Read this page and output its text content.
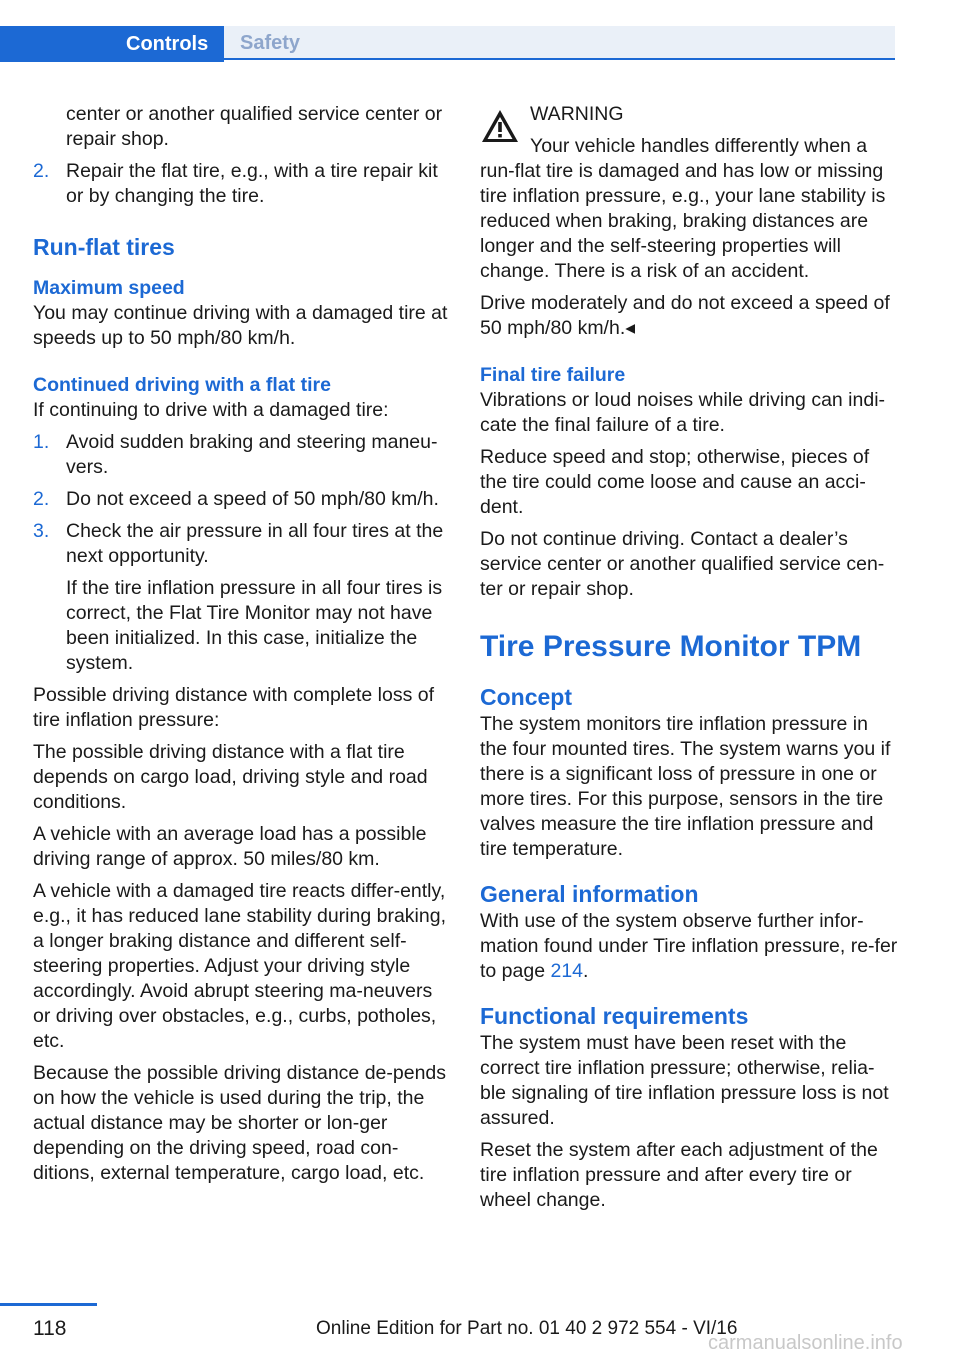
Controls	Safety

center or another qualified service center or repair shop.

2. Repair the flat tire, e.g., with a tire repair kit or by changing the tire.

Run-flat tires
Maximum speed

You may continue driving with a damaged tire at speeds up to 50 mph/80 km/h.

Continued driving with a flat tire

If continuing to drive with a damaged tire:

1. Avoid sudden braking and steering maneu-vers.

2. Do not exceed a speed of 50 mph/80 km/h.

3. Check the air pressure in all four tires at the next opportunity.

If the tire inflation pressure in all four tires is correct, the Flat Tire Monitor may not have been initialized. In this case, initialize the system.

Possible driving distance with complete loss of tire inflation pressure:

The possible driving distance with a flat tire depends on cargo load, driving style and road conditions.

A vehicle with an average load has a possible driving range of approx. 50 miles/80 km.

A vehicle with a damaged tire reacts differ-ently, e.g., it has reduced lane stability during braking, a longer braking distance and different self-steering properties. Adjust your driving style accordingly. Avoid abrupt steering ma-neuvers or driving over obstacles, e.g., curbs, potholes, etc.

Because the possible driving distance de-pends on how the vehicle is used during the trip, the actual distance may be shorter or lon-ger depending on the driving speed, road con-ditions, external temperature, cargo load, etc.

WARNING

Your vehicle handles differently when a run-flat tire is damaged and has low or missing tire inflation pressure, e.g., your lane stability is reduced when braking, braking distances are longer and the self-steering properties will change. There is a risk of an accident.

Drive moderately and do not exceed a speed of 50 mph/80 km/h.◂

Final tire failure

Vibrations or loud noises while driving can indi-cate the final failure of a tire.

Reduce speed and stop; otherwise, pieces of the tire could come loose and cause an acci-dent.

Do not continue driving. Contact a dealer’s service center or another qualified service cen-ter or repair shop.

Tire Pressure Monitor TPM
Concept

The system monitors tire inflation pressure in the four mounted tires. The system warns you if there is a significant loss of pressure in one or more tires. For this purpose, sensors in the tire valves measure the tire inflation pressure and tire temperature.

General information

With use of the system observe further infor-mation found under Tire inflation pressure, re-fer to page 214.

Functional requirements

The system must have been reset with the correct tire inflation pressure; otherwise, relia-ble signaling of tire inflation pressure loss is not assured.

Reset the system after each adjustment of the tire inflation pressure and after every tire or wheel change.

118	Online Edition for Part no. 01 40 2 972 554 - VI/16
carmanualsonline.info
